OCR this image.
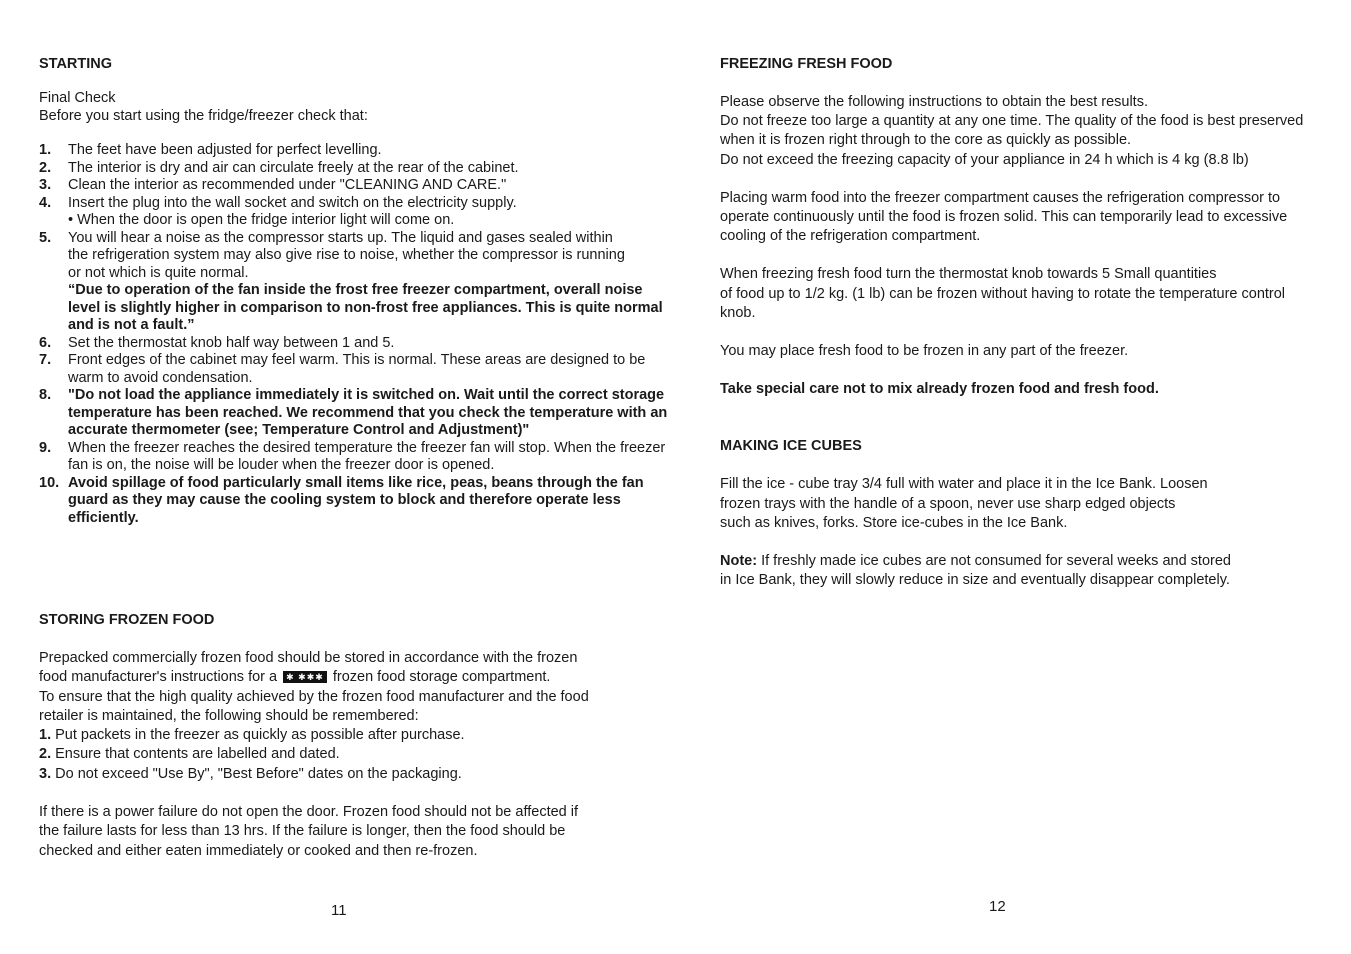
STARTING

Final Check

Before you start using the fridge/freezer check that:

1. The feet have been adjusted for perfect levelling.
2. The interior is dry and air can circulate freely at the rear of the cabinet.
3. Clean the interior as recommended under "CLEANING AND CARE."
4. Insert the plug into the wall socket and switch on the electricity supply.
• When the door is open the fridge interior light will come on.
5. You will hear a noise as the compressor starts up. The liquid and gases sealed within the refrigeration system may also give rise to noise, whether the compressor is running or not which is quite normal.
“Due to operation of the fan inside the frost free freezer compartment, overall noise level is slightly higher in comparison to non-frost free appliances. This is quite normal and is not a fault.”
6. Set the thermostat knob half way between 1 and 5.
7. Front edges of the cabinet may feel warm. This is normal. These areas are designed to be warm to avoid condensation.
8. "Do not load the appliance immediately it is switched on. Wait until the correct storage temperature has been reached. We recommend that you check the temperature with an accurate thermometer (see; Temperature Control and Adjustment)"
9. When the freezer reaches the desired temperature the freezer fan will stop. When the freezer fan is on, the noise will be louder when the freezer door is opened.
10. Avoid spillage of food particularly small items like rice, peas, beans through the fan guard as they may cause the cooling system to block and therefore operate less efficiently.
STORING FROZEN FOOD

Prepacked commercially frozen food should be stored in accordance with the frozen food manufacturer's instructions for a ✱ ✱✱✱ frozen food storage compartment.

To ensure that the high quality achieved by the frozen food manufacturer and the food retailer is maintained, the following should be remembered:

1. Put packets in the freezer as quickly as possible after purchase.

2. Ensure that contents are labelled and dated.

3. Do not exceed "Use By", "Best Before" dates on the packaging.

If there is a power failure do not open the door. Frozen food should not be affected if the failure lasts for less than 13 hrs. If the failure is longer, then the food should be checked and either eaten immediately or cooked and then re-frozen.

11
FREEZING FRESH FOOD

Please observe the following instructions to obtain the best results.

Do not freeze too large a quantity at any one time. The quality of the food is best preserved when it is frozen right through to the core as quickly as possible.

Do not exceed the freezing capacity of your appliance in 24 h which is 4 kg (8.8 lb)

Placing warm food into the freezer compartment causes the refrigeration compressor to operate continuously until the food is frozen solid. This can temporarily lead to excessive cooling of the refrigeration compartment.

When freezing fresh food turn the thermostat knob towards 5 Small quantities

of food up to 1/2 kg. (1 lb) can be frozen without having to rotate the temperature control knob.

You may place fresh food to be frozen in any part of the freezer.

Take special care not to mix already frozen food and fresh food.

MAKING ICE CUBES

Fill the ice - cube tray 3/4 full with water and place it in the Ice Bank. Loosen

frozen trays with the handle of a spoon, never use sharp edged objects

such as knives, forks. Store ice-cubes in the Ice Bank.

Note: If freshly made ice cubes are not consumed for several weeks and stored

in Ice Bank, they will slowly reduce in size and eventually disappear completely.

12
